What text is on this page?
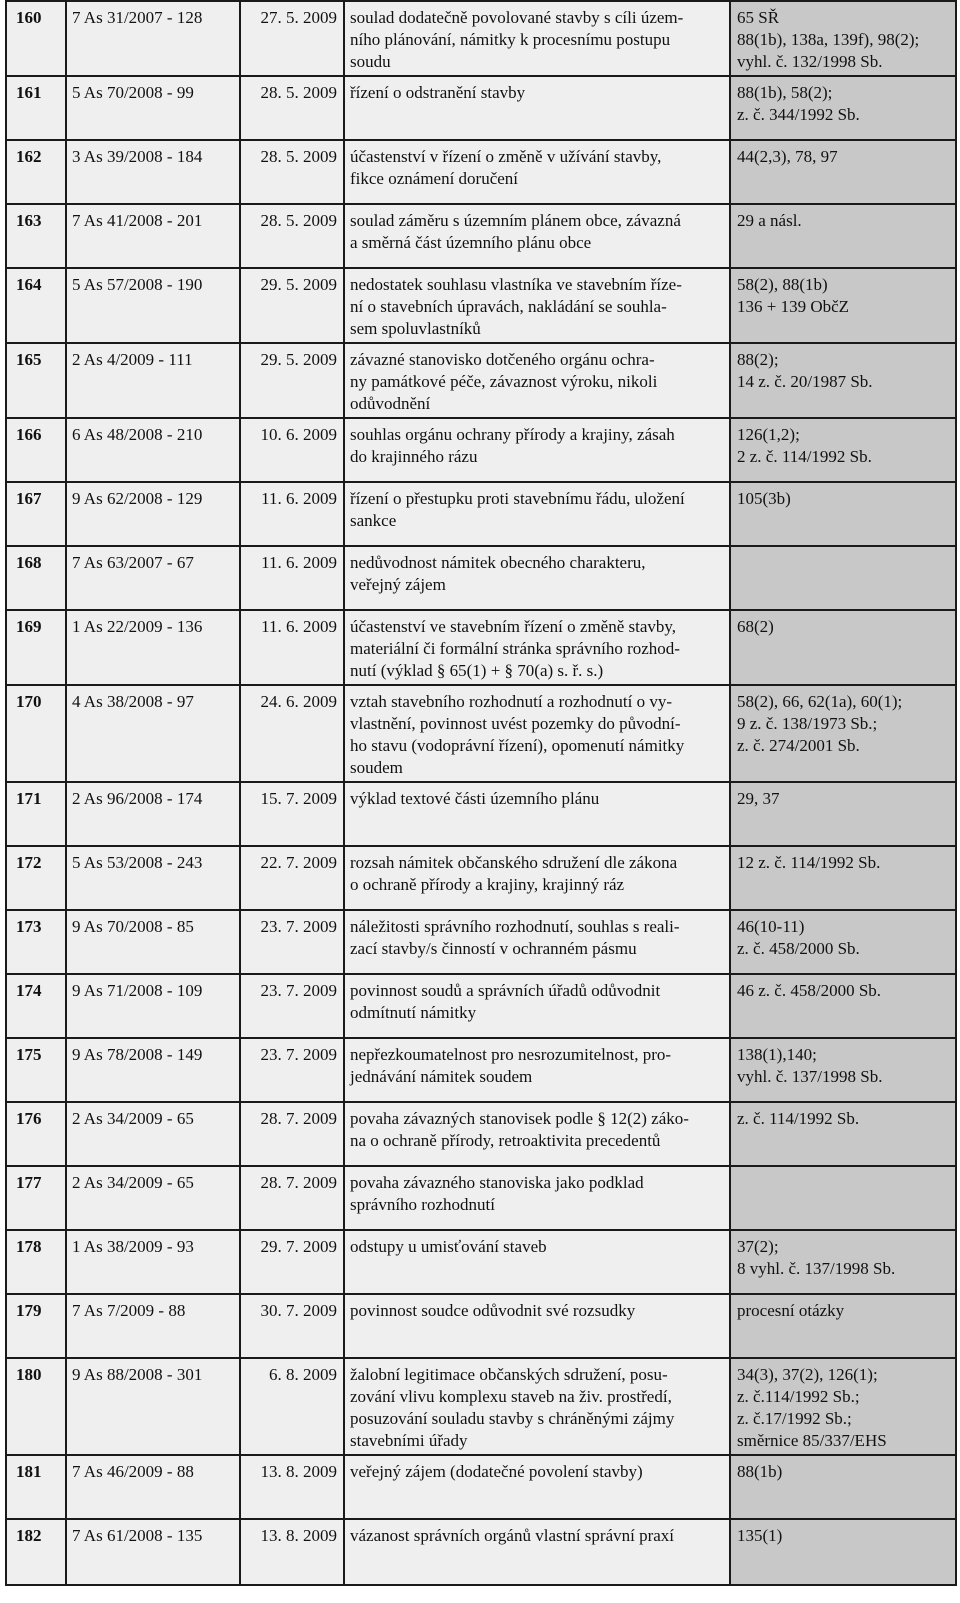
160	7 As 31/2007 - 128	27. 5. 2009	soulad dodatečně povolované stavby s cíli územ-
ního plánování, námitky k procesnímu postupu
soudu	65 SŘ
88(1b), 138a, 139f), 98(2);
vyhl. č. 132/1998 Sb.

161	5 As 70/2008 - 99	28. 5. 2009	řízení o odstranění stavby	88(1b), 58(2);
z. č. 344/1992 Sb.

162	3 As 39/2008 - 184	28. 5. 2009	účastenství v řízení o změně v užívání stavby,
fikce oznámení doručení	44(2,3), 78, 97

163	7 As 41/2008 - 201	28. 5. 2009	soulad záměru s územním plánem obce, závazná
a směrná část územního plánu obce	29 a násl.

164	5 As 57/2008 - 190	29. 5. 2009	nedostatek souhlasu vlastníka ve stavebním říze-
ní o stavebních úpravách, nakládání se souhla-
sem spoluvlastníků	58(2), 88(1b)
136 + 139 ObčZ

165	2 As 4/2009 - 111	29. 5. 2009	závazné stanovisko dotčeného orgánu ochra-
ny památkové péče, závaznost výroku, nikoli
odůvodnění	88(2);
14 z. č. 20/1987 Sb.

166	6 As 48/2008 - 210	10. 6. 2009	souhlas orgánu ochrany přírody a krajiny, zásah
do krajinného rázu	126(1,2);
2 z. č. 114/1992 Sb.

167	9 As 62/2008 - 129	11. 6. 2009	řízení o přestupku proti stavebnímu řádu, uložení
sankce	105(3b)

168	7 As 63/2007 - 67	11. 6. 2009	nedůvodnost námitek obecného charakteru,
veřejný zájem	

169	1 As 22/2009 - 136	11. 6. 2009	účastenství ve stavebním řízení o změně stavby,
materiální či formální stránka správního rozhod-
nutí (výklad § 65(1) + § 70(a) s. ř. s.)	68(2)

170	4 As 38/2008 - 97	24. 6. 2009	vztah stavebního rozhodnutí a rozhodnutí o vy-
vlastnění, povinnost uvést pozemky do původní-
ho stavu (vodoprávní řízení), opomenutí námitky
soudem	58(2), 66, 62(1a), 60(1);
9 z. č. 138/1973 Sb.;
z. č. 274/2001 Sb.

171	2 As 96/2008 - 174	15. 7. 2009	výklad textové části územního plánu	29, 37

172	5 As 53/2008 - 243	22. 7. 2009	rozsah námitek občanského sdružení dle zákona
o ochraně přírody a krajiny, krajinný ráz	12 z. č. 114/1992 Sb.

173	9 As 70/2008 - 85	23. 7. 2009	náležitosti správního rozhodnutí, souhlas s reali-
zací stavby/s činností v ochranném pásmu	46(10-11)
z. č. 458/2000 Sb.

174	9 As 71/2008 - 109	23. 7. 2009	povinnost soudů a správních úřadů odůvodnit
odmítnutí námitky	46 z. č. 458/2000 Sb.

175	9 As 78/2008 - 149	23. 7. 2009	nepřezkoumatelnost pro nesrozumitelnost, pro-
jednávání námitek soudem	138(1),140;
vyhl. č. 137/1998 Sb.

176	2 As 34/2009 - 65	28. 7. 2009	povaha závazných stanovisek podle § 12(2) záko-
na o ochraně přírody, retroaktivita precedentů	z. č. 114/1992 Sb.

177	2 As 34/2009 - 65	28. 7. 2009	povaha závazného stanoviska jako podklad
správního rozhodnutí	

178	1 As 38/2009 - 93	29. 7. 2009	odstupy u umisťování staveb	37(2);
8 vyhl. č. 137/1998 Sb.

179	7 As 7/2009 - 88	30. 7. 2009	povinnost soudce odůvodnit své rozsudky	procesní otázky

180	9 As 88/2008 - 301	6. 8. 2009	žalobní legitimace občanských sdružení, posu-
zování vlivu komplexu staveb na živ. prostředí,
posuzování souladu stavby s chráněnými zájmy
stavebními úřady	34(3), 37(2), 126(1);
z. č.114/1992 Sb.;
z. č.17/1992 Sb.;
směrnice 85/337/EHS

181	7 As 46/2009 - 88	13. 8. 2009	veřejný zájem (dodatečné povolení stavby)	88(1b)

182	7 As 61/2008 - 135	13. 8. 2009	vázanost správních orgánů vlastní správní praxí	135(1)
